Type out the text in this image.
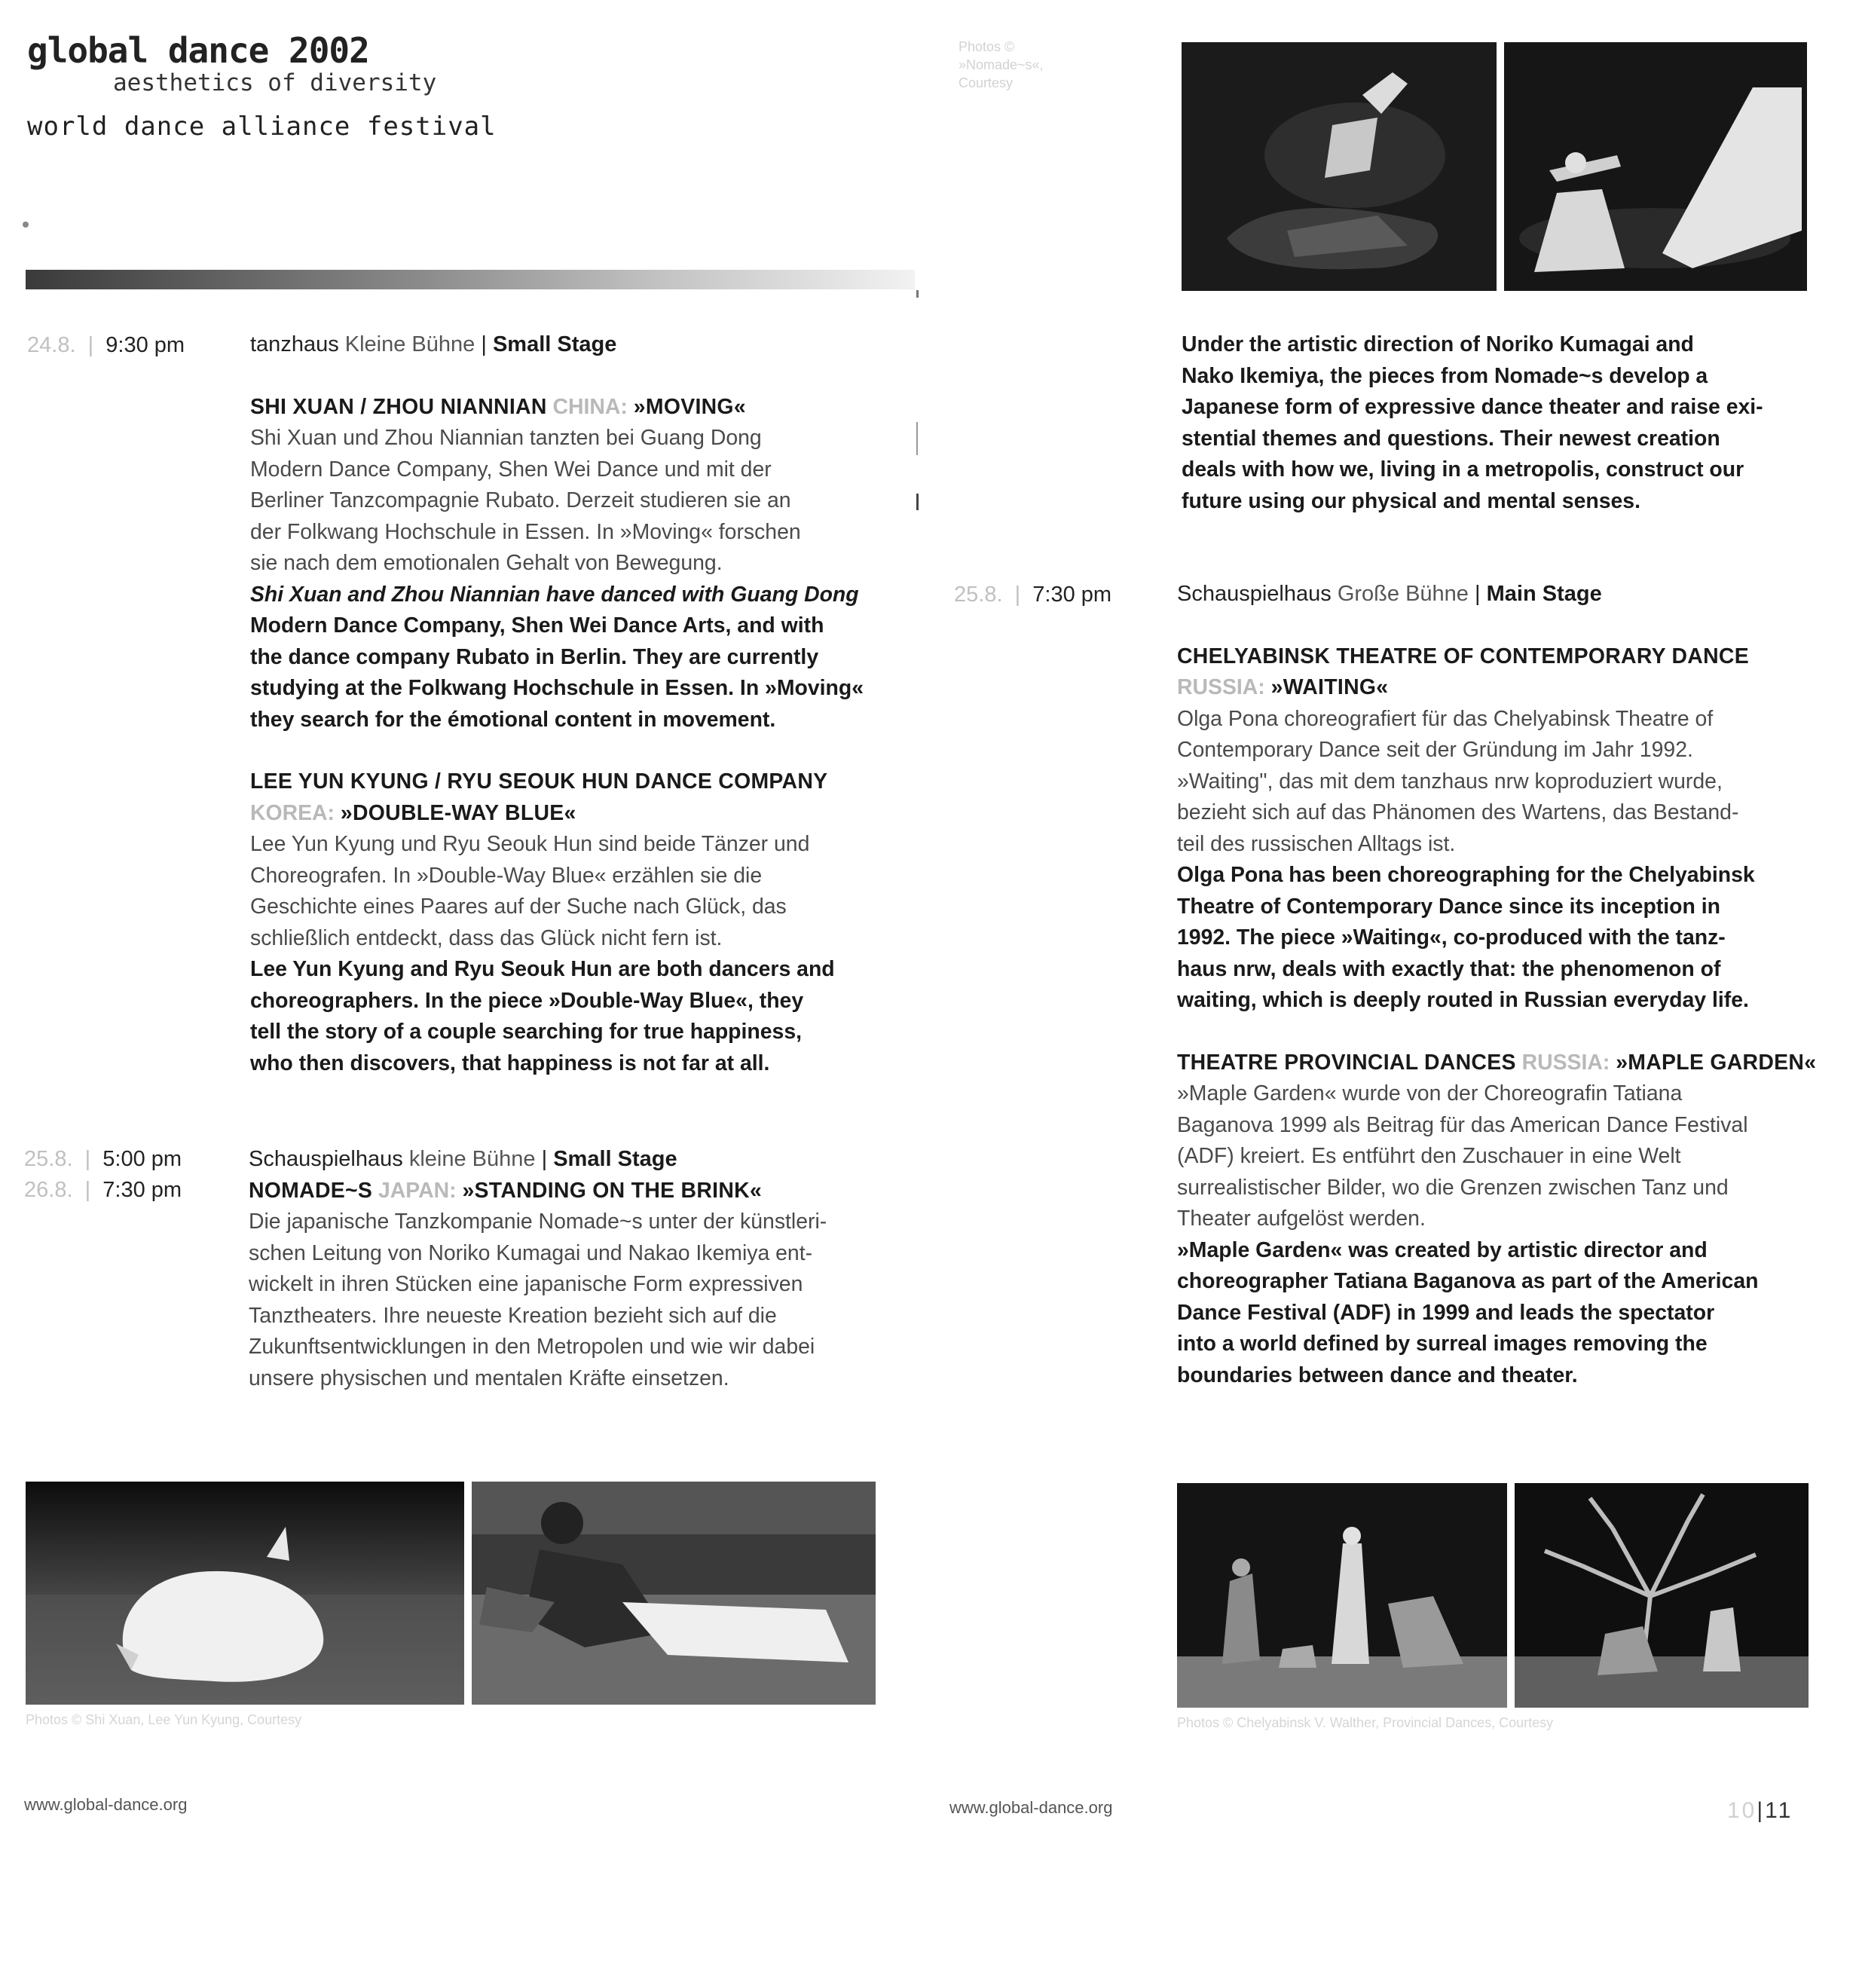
global dance 2002
aesthetics of diversity
world dance alliance festival
24.8.  |  9:30 pm	tanzhaus Kleine Bühne | Small Stage

SHI XUAN / ZHOU NIANNIAN CHINA: »MOVING«

Shi Xuan und Zhou Niannian tanzten bei Guang Dong

Modern Dance Company, Shen Wei Dance und mit der

Berliner Tanzcompagnie Rubato. Derzeit studieren sie an

der Folkwang Hochschule in Essen. In »Moving« forschen

sie nach dem emotionalen Gehalt von Bewegung.

Shi Xuan and Zhou Niannian have danced with Guang Dong

Modern Dance Company, Shen Wei Dance Arts, and with

the dance company Rubato in Berlin. They are currently

studying at the Folkwang Hochschule in Essen. In »Moving«

they search for the émotional content in movement.

LEE YUN KYUNG / RYU SEOUK HUN DANCE COMPANY

KOREA: »DOUBLE-WAY BLUE«

Lee Yun Kyung und Ryu Seouk Hun sind beide Tänzer und

Choreografen. In »Double-Way Blue« erzählen sie die

Geschichte eines Paares auf der Suche nach Glück, das

schließlich entdeckt, dass das Glück nicht fern ist.

Lee Yun Kyung and Ryu Seouk Hun are both dancers and

choreographers. In the piece »Double-Way Blue«, they

tell the story of a couple searching for true happiness,

who then discovers, that happiness is not far at all.

25.8.  |  5:00 pm
26.8.  |  7:30 pm

Schauspielhaus kleine Bühne | Small Stage

NOMADE~S JAPAN: »STANDING ON THE BRINK«

Die japanische Tanzkompanie Nomade~s unter der künstleri-

schen Leitung von Noriko Kumagai und Nakao Ikemiya ent-

wickelt in ihren Stücken eine japanische Form expressiven

Tanztheaters. Ihre neueste Kreation bezieht sich auf die

Zukunftsentwicklungen in den Metropolen und wie wir dabei

unsere physischen und mentalen Kräfte einsetzen.

Photos © Shi Xuan, Lee Yun Kyung, Courtesy
www.global-dance.org
Photos ©
»Nomade~s«,
Courtesy

Under the artistic direction of Noriko Kumagai and

Nako Ikemiya, the pieces from Nomade~s develop a

Japanese form of expressive dance theater and raise exi-

stential themes and questions. Their newest creation

deals with how we, living in a metropolis, construct our

future using our physical and mental senses.

25.8.  |  7:30 pm	Schauspielhaus Große Bühne | Main Stage

CHELYABINSK THEATRE OF CONTEMPORARY DANCE

RUSSIA: »WAITING«

Olga Pona choreografiert für das Chelyabinsk Theatre of

Contemporary Dance seit der Gründung im Jahr 1992.

»Waiting", das mit dem tanzhaus nrw koproduziert wurde,

bezieht sich auf das Phänomen des Wartens, das Bestand-

teil des russischen Alltags ist.

Olga Pona has been choreographing for the Chelyabinsk

Theatre of Contemporary Dance since its inception in

1992. The piece »Waiting«, co-produced with the tanz-

haus nrw, deals with exactly that: the phenomenon of

waiting, which is deeply routed in Russian everyday life.

THEATRE PROVINCIAL DANCES RUSSIA: »MAPLE GARDEN«

»Maple Garden« wurde von der Choreografin Tatiana

Baganova 1999 als Beitrag für das American Dance Festival

(ADF) kreiert. Es entführt den Zuschauer in eine Welt

surrealistischer Bilder, wo die Grenzen zwischen Tanz und

Theater aufgelöst werden.

»Maple Garden« was created by artistic director and

choreographer Tatiana Baganova as part of the American

Dance Festival (ADF) in 1999 and leads the spectator

into a world defined by surreal images removing the

boundaries between dance and theater.

Photos © Chelyabinsk V. Walther, Provincial Dances, Courtesy
www.global-dance.org	10|11
